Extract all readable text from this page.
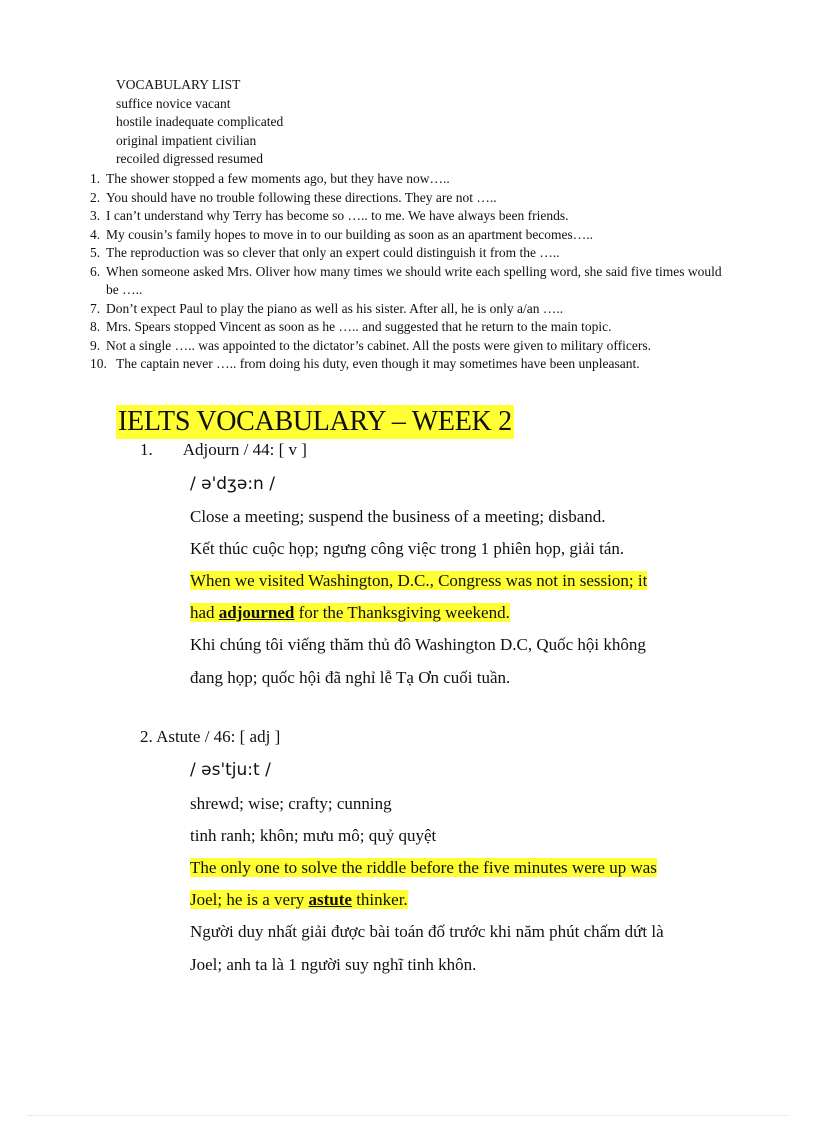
VOCABULARY LIST
suffice novice vacant
hostile inadequate complicated
original impatient civilian
recoiled digressed resumed
1. The shower stopped a few moments ago, but they have now…..
2. You should have no trouble following these directions. They are not …..
3. I can’t understand why Terry has become so ….. to me. We have always been friends.
4. My cousin’s family hopes to move in to our building as soon as an apartment becomes…..
5. The reproduction was so clever that only an expert could distinguish it from the …..
6. When someone asked Mrs. Oliver how many times we should write each spelling word, she said five times would be …..
7. Don’t expect Paul to play the piano as well as his sister. After all, he is only a/an …..
8. Mrs. Spears stopped Vincent as soon as he ….. and suggested that he return to the main topic.
9. Not a single ….. was appointed to the dictator’s cabinet. All the posts were given to military officers.
10. The captain never ….. from doing his duty, even though it may sometimes have been unpleasant.
IELTS VOCABULARY – WEEK 2
1. Adjourn / 44: [ v ]
/ ə'dʒə:n /
Close a meeting; suspend the business of a meeting; disband.
Kết thúc cuộc họp; ngưng công việc trong 1 phiên họp, giải tán.
When we visited Washington, D.C., Congress was not in session; it
had adjourned for the Thanksgiving weekend.
Khi chúng tôi viếng thăm thủ đô Washington D.C, Quốc hội không
đang họp; quốc hội đã nghỉ lễ Tạ Ơn cuối tuần.
2. Astute / 46: [ adj ]
/ əs'tju:t /
shrewd; wise; crafty; cunning
tinh ranh; khôn; mưu mô; quỷ quyệt
The only one to solve the riddle before the five minutes were up was
Joel; he is a very astute thinker.
Người duy nhất giải được bài toán đố trước khi năm phút chấm dứt là
Joel; anh ta là 1 người suy nghĩ tinh khôn.
